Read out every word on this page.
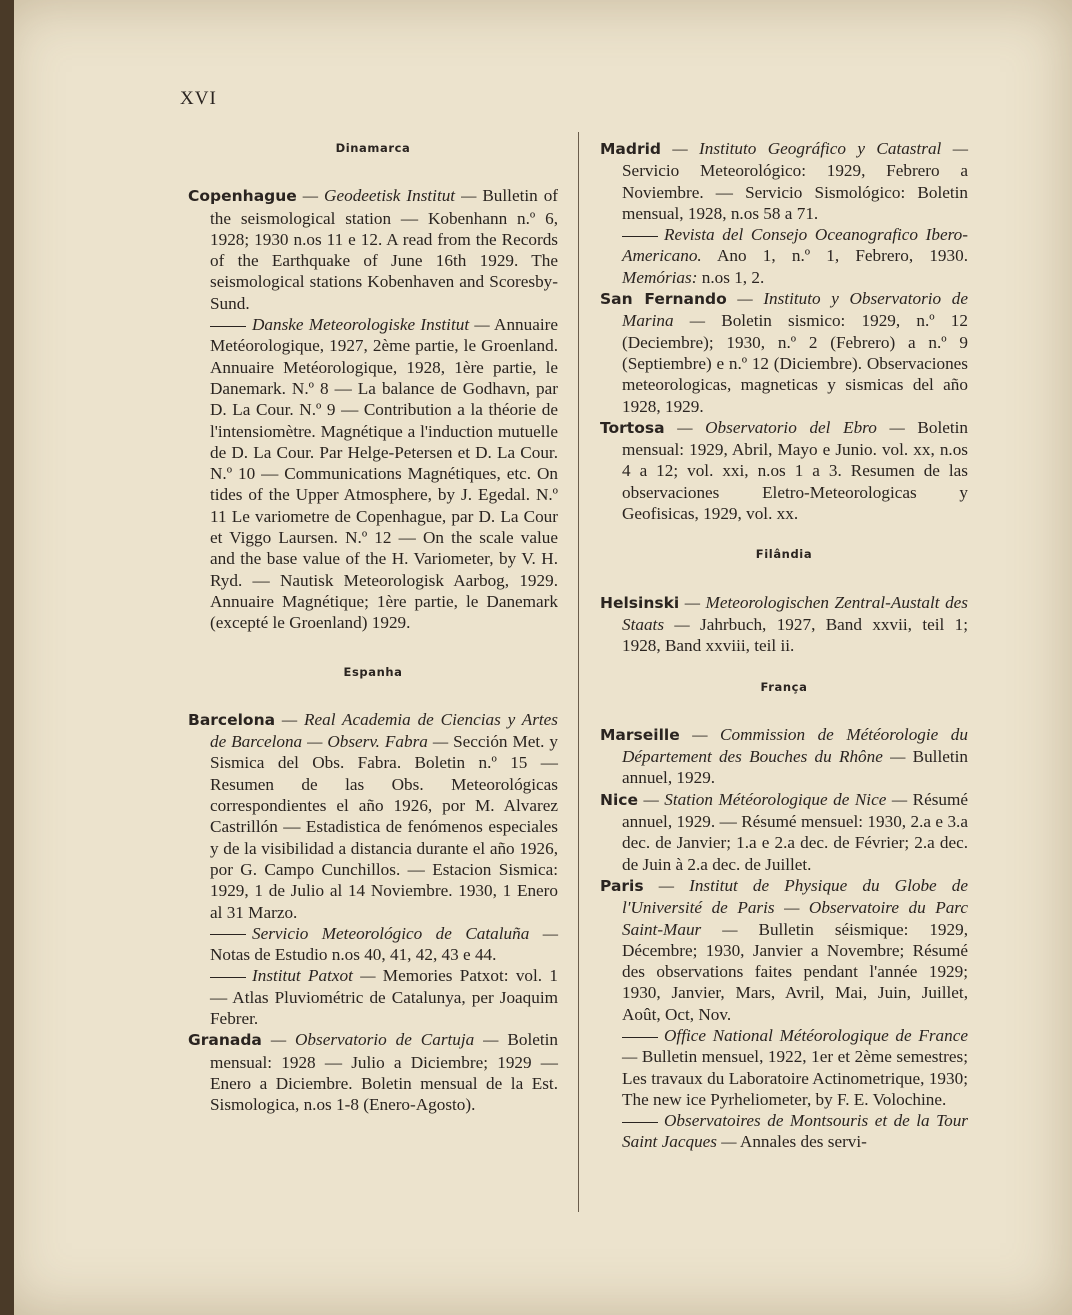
XVI
Dinamarca

Copenhague — Geodeetisk Institut — Bulletin of the seismological station — Kobenhann n.º 6, 1928; 1930 n.os 11 e 12. A read from the Records of the Earthquake of June 16th 1929. The seismological stations Kobenhaven and Scoresby-Sund.

Danske Meteorologiske Institut — Annuaire Metéorologique, 1927, 2ème partie, le Groenland. Annuaire Metéorologique, 1928, 1ère partie, le Danemark. N.º 8 — La balance de Godhavn, par D. La Cour. N.º 9 — Contribution a la théorie de l'intensiomètre. Magnétique a l'induction mutuelle de D. La Cour. Par Helge-Petersen et D. La Cour. N.º 10 — Communications Magnétiques, etc. On tides of the Upper Atmosphere, by J. Egedal. N.º 11 Le variometre de Copenhague, par D. La Cour et Viggo Laursen. N.º 12 — On the scale value and the base value of the H. Variometer, by V. H. Ryd. — Nautisk Meteorologisk Aarbog, 1929. Annuaire Magnétique; 1ère partie, le Danemark (excepté le Groenland) 1929.

Espanha

Barcelona — Real Academia de Ciencias y Artes de Barcelona — Observ. Fabra — Sección Met. y Sismica del Obs. Fabra. Boletin n.º 15 — Resumen de las Obs. Meteorológicas correspondientes el año 1926, por M. Alvarez Castrillón — Estadistica de fenómenos especiales y de la visibilidad a distancia durante el año 1926, por G. Campo Cunchillos. — Estacion Sismica: 1929, 1 de Julio al 14 Noviembre. 1930, 1 Enero al 31 Marzo.

Servicio Meteorológico de Cataluña — Notas de Estudio n.os 40, 41, 42, 43 e 44.

Institut Patxot — Memories Patxot: vol. 1 — Atlas Pluviométric de Catalunya, per Joaquim Febrer.

Granada — Observatorio de Cartuja — Boletin mensual: 1928 — Julio a Diciembre; 1929 — Enero a Diciembre. Boletin mensual de la Est. Sismologica, n.os 1-8 (Enero-Agosto).

Madrid — Instituto Geográfico y Catastral — Servicio Meteorológico: 1929, Febrero a Noviembre. — Servicio Sismológico: Boletin mensual, 1928, n.os 58 a 71.

Revista del Consejo Oceanografico Ibero-Americano. Ano 1, n.º 1, Febrero, 1930. Memórias: n.os 1, 2.

San Fernando — Instituto y Observatorio de Marina — Boletin sismico: 1929, n.º 12 (Deciembre); 1930, n.º 2 (Febrero) a n.º 9 (Septiembre) e n.º 12 (Diciembre). Observaciones meteorologicas, magneticas y sismicas del año 1928, 1929.

Tortosa — Observatorio del Ebro — Boletin mensual: 1929, Abril, Mayo e Junio. vol. xx, n.os 4 a 12; vol. xxi, n.os 1 a 3. Resumen de las observaciones Eletro-Meteorologicas y Geofisicas, 1929, vol. xx.

Filândia

Helsinski — Meteorologischen Zentral-Austalt des Staats — Jahrbuch, 1927, Band xxvii, teil 1; 1928, Band xxviii, teil ii.

França

Marseille — Commission de Météorologie du Département des Bouches du Rhône — Bulletin annuel, 1929.

Nice — Station Météorologique de Nice — Résumé annuel, 1929. — Résumé mensuel: 1930, 2.a e 3.a dec. de Janvier; 1.a e 2.a dec. de Février; 2.a dec. de Juin à 2.a dec. de Juillet.

Paris — Institut de Physique du Globe de l'Université de Paris — Observatoire du Parc Saint-Maur — Bulletin séismique: 1929, Décembre; 1930, Janvier a Novembre; Résumé des observations faites pendant l'année 1929; 1930, Janvier, Mars, Avril, Mai, Juin, Juillet, Août, Oct, Nov.

Office National Météorologique de France — Bulletin mensuel, 1922, 1er et 2ème semestres; Les travaux du Laboratoire Actinometrique, 1930; The new ice Pyrheliometer, by F. E. Volochine.

Observatoires de Montsouris et de la Tour Saint Jacques — Annales des servi-
